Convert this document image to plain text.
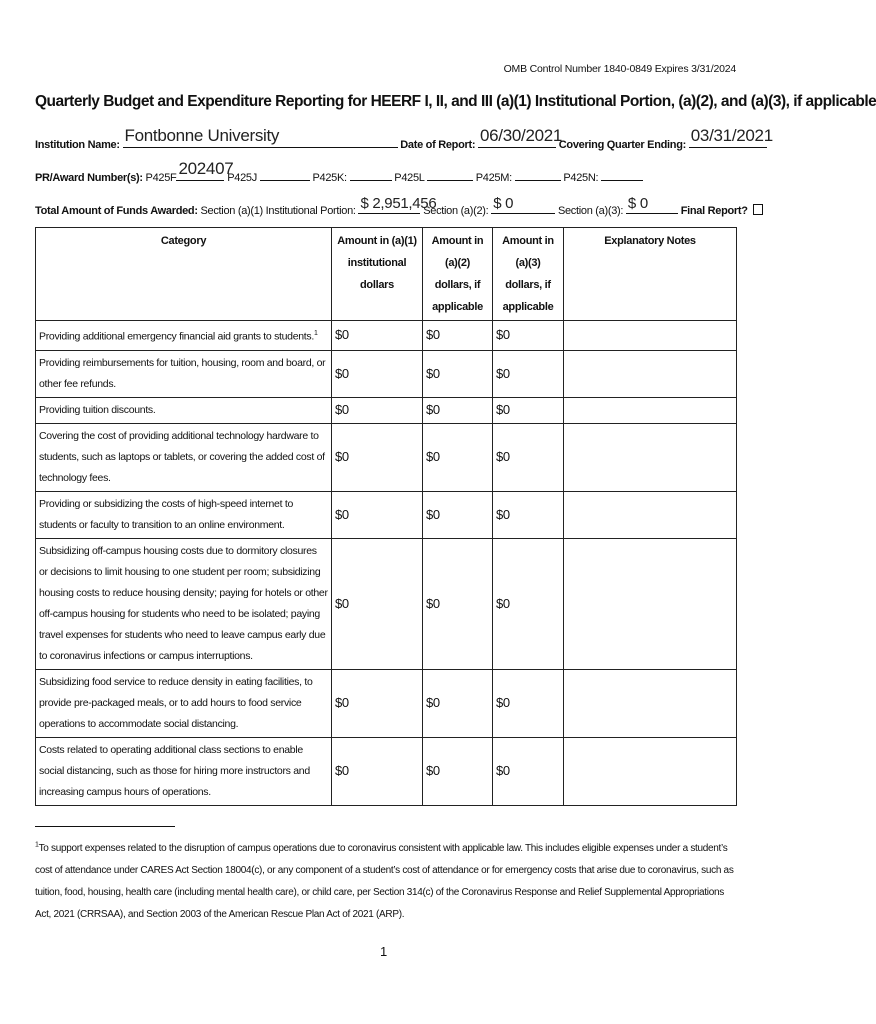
OMB Control Number 1840-0849 Expires 3/31/2024
Quarterly Budget and Expenditure Reporting for HEERF I, II, and III (a)(1) Institutional Portion, (a)(2), and (a)(3), if applicable
Institution Name: Fontbonne University	Date of Report: 06/30/2021
Covering Quarter Ending: 03/31/2021
PR/Award Number(s): P425F 202407
P425J	P425K:	P425L	P425M:	P425N:
Total Amount of Funds Awarded: Section (a)(1) Institutional Portion: $ 2,951,456
Section (a)(2): $ 0	Section (a)(3): $ 0	Final Report?
Category	Amount in (a)(1) institutional dollars	Amount in (a)(2) dollars, if applicable	Amount in (a)(3) dollars, if applicable	Explanatory Notes
Providing additional emergency financial aid grants to students.$^1$	$0	$0	$0	
Providing reimbursements for tuition, housing, room and board, or other fee refunds.	$0	$0	$0	
Providing tuition discounts.	$0	$0	$0	
Covering the cost of providing additional technology hardware to students, such as laptops or tablets, or covering the added cost of technology fees.	$0	$0	$0	
Providing or subsidizing the costs of high-speed internet to students or faculty to transition to an online environment.	$0	$0	$0	
Subsidizing off-campus housing costs due to dormitory closures or decisions to limit housing to one student per room; subsidizing housing costs to reduce housing density; paying for hotels or other off-campus housing for students who need to be isolated; paying travel expenses for students who need to leave campus early due to coronavirus infections or campus interruptions.	$0	$0	$0	
Subsidizing food service to reduce density in eating facilities, to provide pre-packaged meals, or to add hours to food service operations to accommodate social distancing.	$0	$0	$0	
Costs related to operating additional class sections to enable social distancing, such as those for hiring more instructors and increasing campus hours of operations.	$0	$0	$0	
$^1$To support expenses related to the disruption of campus operations due to coronavirus consistent with applicable law. This includes eligible expenses under a student’s cost of attendance under CARES Act Section 18004(c), or any component of a student’s cost of attendance or for emergency costs that arise due to coronavirus, such as tuition, food, housing, health care (including mental health care), or child care, per Section 314(c) of the Coronavirus Response and Relief Supplemental Appropriations Act, 2021 (CRRSAA), and Section 2003 of the American Rescue Plan Act of 2021 (ARP).
1
